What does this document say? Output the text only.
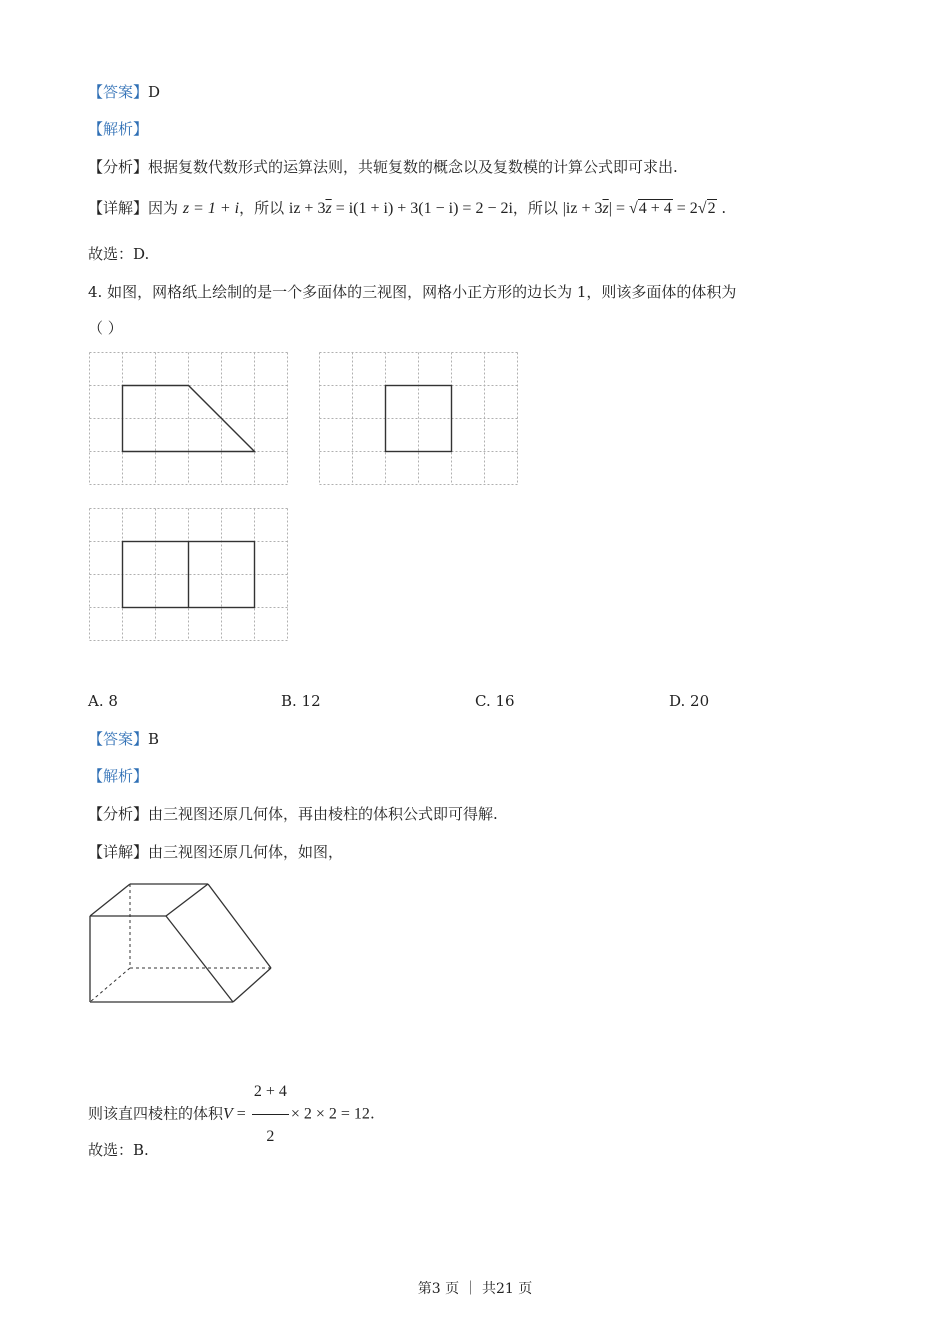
【答案】D
【解析】
【分析】根据复数代数形式的运算法则，共轭复数的概念以及复数模的计算公式即可求出.
【详解】因为 z = 1 + i，所以 iz + $3\overline{z} = i(1 + i) + 3(1 - i) = 2 - 2i$，所以 $|iz + 3\overline{z}| = √4 + 4 = 2√2$ .
故选：D.
4. 如图，网格纸上绘制的是一个多面体的三视图，网格小正方形的边长为 1，则该多面体的体积为
（ ）
A. 8	B. 12	C. 16	D. 20
【答案】B
【解析】
【分析】由三视图还原几何体，再由棱柱的体积公式即可得解.
【详解】由三视图还原几何体，如图，
则该直四棱柱的体积$V = \frac{2 + 4}{2} \times 2 \times 2 = 12$.
故选：B.
第3 页 ｜ 共21 页
